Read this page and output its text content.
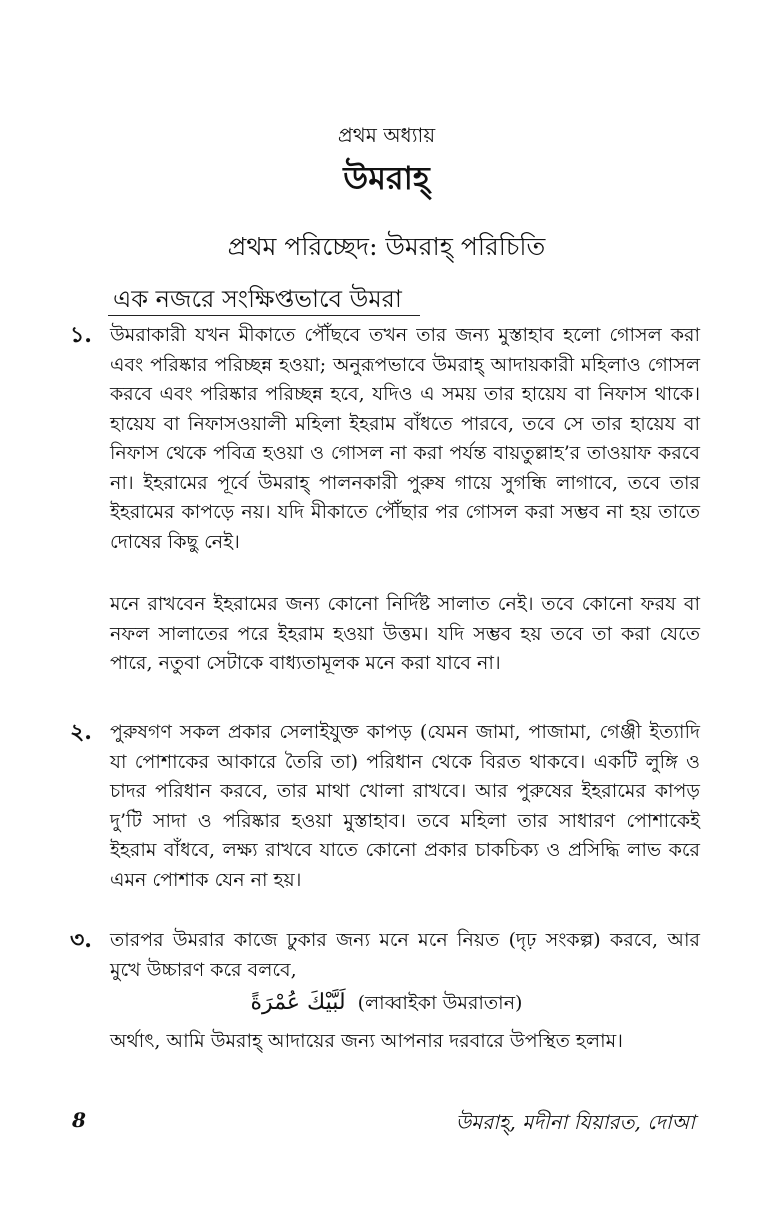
প্রথম অধ্যায়
উমরাহ্‌
প্রথম পরিচ্ছেদ: উমরাহ্‌ পরিচিতি
এক নজরে সংক্ষিপ্তভাবে উমরা
১. উমরাকারী যখন মীকাতে পৌঁছবে তখন তার জন্য মুস্তাহাব হলো গোসল করা এবং পরিষ্কার পরিচ্ছন্ন হওয়া; অনুরূপভাবে উমরাহ্‌ আদায়কারী মহিলাও গোসল করবে এবং পরিষ্কার পরিচ্ছন্ন হবে, যদিও এ সময় তার হায়েয বা নিফাস থাকে। হায়েয বা নিফাসওয়ালী মহিলা ইহরাম বাঁধতে পারবে, তবে সে তার হায়েয বা নিফাস থেকে পবিত্র হওয়া ও গোসল না করা পর্যন্ত বায়তুল্লাহ’র তাওয়াফ করবে না। ইহরামের পূর্বে উমরাহ্‌ পালনকারী পুরুষ গায়ে সুগন্ধি লাগাবে, তবে তার ইহরামের কাপড়ে নয়। যদি মীকাতে পৌঁছার পর গোসল করা সম্ভব না হয় তাতে দোষের কিছু নেই।
মনে রাখবেন ইহরামের জন্য কোনো নির্দিষ্ট সালাত নেই। তবে কোনো ফরয বা নফল সালাতের পরে ইহরাম হওয়া উত্তম। যদি সম্ভব হয় তবে তা করা যেতে পারে, নতুবা সেটাকে বাধ্যতামূলক মনে করা যাবে না।
২. পুরুষগণ সকল প্রকার সেলাইযুক্ত কাপড় (যেমন জামা, পাজামা, গেঞ্জী ইত্যাদি যা পোশাকের আকারে তৈরি তা) পরিধান থেকে বিরত থাকবে। একটি লুঙ্গি ও চাদর পরিধান করবে, তার মাথা খোলা রাখবে। আর পুরুষের ইহরামের কাপড় দু’টি সাদা ও পরিষ্কার হওয়া মুস্তাহাব। তবে মহিলা তার সাধারণ পোশাকেই ইহরাম বাঁধবে, লক্ষ্য রাখবে যাতে কোনো প্রকার চাকচিক্য ও প্রসিদ্ধি লাভ করে এমন পোশাক যেন না হয়।
৩. তারপর উমরার কাজে ঢুকার জন্য মনে মনে নিয়ত (দৃঢ় সংকল্প) করবে, আর মুখে উচ্চারণ করে বলবে,
لَبَّيْكَ عُمْرَةً (লাব্বাইকা উমরাতান)
অর্থাৎ, আমি উমরাহ্‌ আদায়ের জন্য আপনার দরবারে উপস্থিত হলাম।
8	উমরাহ্‌, মদীনা যিয়ারত, দোআ
